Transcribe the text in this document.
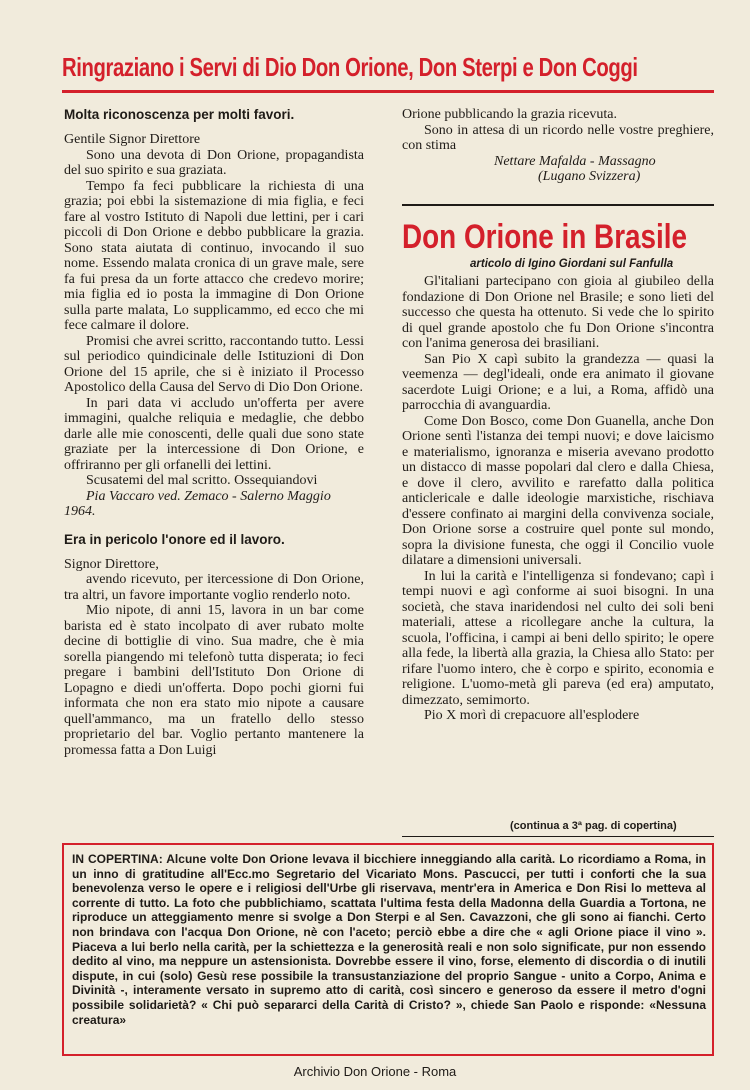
Ringraziano i Servi di Dio Don Orione, Don Sterpi e Don Coggi
Molta riconoscenza per molti favori.

Gentile Signor Direttore

Sono una devota di Don Orione, propagandista del suo spirito e sua graziata.

Tempo fa feci pubblicare la richiesta di una grazia; poi ebbi la sistemazione di mia figlia, e feci fare al vostro Istituto di Napoli due lettini, per i cari piccoli di Don Orione e debbo pubblicare la grazia. Sono stata aiutata di continuo, invocando il suo nome. Essendo malata cronica di un grave male, sere fa fui presa da un forte attacco che credevo morire; mia figlia ed io posta la immagine di Don Orione sulla parte malata, Lo supplicammo, ed ecco che mi fece calmare il dolore.

Promisi che avrei scritto, raccontando tutto. Lessi sul periodico quindicinale delle Istituzioni di Don Orione del 15 aprile, che si è iniziato il Processo Apostolico della Causa del Servo di Dio Don Orione.

In pari data vi accludo un'offerta per avere immagini, qualche reliquia e medaglie, che debbo darle alle mie conoscenti, delle quali due sono state graziate per la intercessione di Don Orione, e offriranno per gli orfanelli dei lettini.

Scusatemi del mal scritto. Ossequiandovi

Pia Vaccaro ved. Zemaco - Salerno Maggio 1964.

Era in pericolo l'onore ed il lavoro.

Signor Direttore,

avendo ricevuto, per itercessione di Don Orione, tra altri, un favore importante voglio renderlo noto.

Mio nipote, di anni 15, lavora in un bar come barista ed è stato incolpato di aver rubato molte decine di bottiglie di vino. Sua madre, che è mia sorella piangendo mi telefonò tutta disperata; io feci pregare i bambini dell'Istituto Don Orione di Lopagno e diedi un'offerta. Dopo pochi giorni fui informata che non era stato mio nipote a causare quell'ammanco, ma un fratello dello stesso proprietario del bar. Voglio pertanto mantenere la promessa fatta a Don Luigi

Orione pubblicando la grazia ricevuta.

Sono in attesa di un ricordo nelle vostre preghiere, con stima

Nettare Mafalda - Massagno

(Lugano Svizzera)

Don Orione in Brasile
articolo di Igino Giordani sul Fanfulla

Gl'italiani partecipano con gioia al giubileo della fondazione di Don Orione nel Brasile; e sono lieti del successo che questa ha ottenuto. Si vede che lo spirito di quel grande apostolo che fu Don Orione s'incontra con l'anima generosa dei brasiliani.

San Pio X capì subito la grandezza — quasi la veemenza — degl'ideali, onde era animato il giovane sacerdote Luigi Orione; e a lui, a Roma, affidò una parrocchia di avanguardia.

Come Don Bosco, come Don Guanella, anche Don Orione sentì l'istanza dei tempi nuovi; e dove laicismo e materialismo, ignoranza e miseria avevano prodotto un distacco di masse popolari dal clero e dalla Chiesa, e dove il clero, avvilito e rarefatto dalla politica anticlericale e dalle ideologie marxistiche, rischiava d'essere confinato ai margini della convivenza sociale, Don Orione sorse a costruire quel ponte sul mondo, sopra la divisione funesta, che oggi il Concilio vuole dilatare a dimensioni universali.

In lui la carità e l'intelligenza si fondevano; capì i tempi nuovi e agì conforme ai suoi bisogni. In una società, che stava inaridendosi nel culto dei soli beni materiali, attese a ricollegare anche la cultura, la scuola, l'officina, i campi ai beni dello spirito; le opere alla fede, la libertà alla grazia, la Chiesa allo Stato: per rifare l'uomo intero, che è corpo e spirito, economia e religione. L'uomo-metà gli pareva (ed era) amputato, dimezzato, semimorto.

Pio X morì di crepacuore all'esplodere

(continua a 3ª pag. di copertina)
IN COPERTINA: Alcune volte Don Orione levava il bicchiere inneggiando alla carità. Lo ricordiamo a Roma, in un inno di gratitudine all'Ecc.mo Segretario del Vicariato Mons. Pascucci, per tutti i conforti che la sua benevolenza verso le opere e i religiosi dell'Urbe gli riservava, mentr'era in America e Don Risi lo metteva al corrente di tutto. La foto che pubblichiamo, scattata l'ultima festa della Madonna della Guardia a Tortona, ne riproduce un atteggiamento menre si svolge a Don Sterpi e al Sen. Cavazzoni, che gli sono ai fianchi. Certo non brindava con l'acqua Don Orione, nè con l'aceto; perciò ebbe a dire che « agli Orione piace il vino ». Piaceva a lui berlo nella carità, per la schiettezza e la generosità reali e non solo significate, pur non essendo dedito al vino, ma neppure un astensionista. Dovrebbe essere il vino, forse, elemento di discordia o di inutili dispute, in cui (solo) Gesù rese possibile la transustanziazione del proprio Sangue - unito a Corpo, Anima e Divinità -, interamente versato in supremo atto di carità, così sincero e generoso da essere il metro d'ogni possibile solidarietà? « Chi può separarci della Carità di Cristo? », chiede San Paolo e risponde: «Nessuna creatura»
Archivio Don Orione - Roma
